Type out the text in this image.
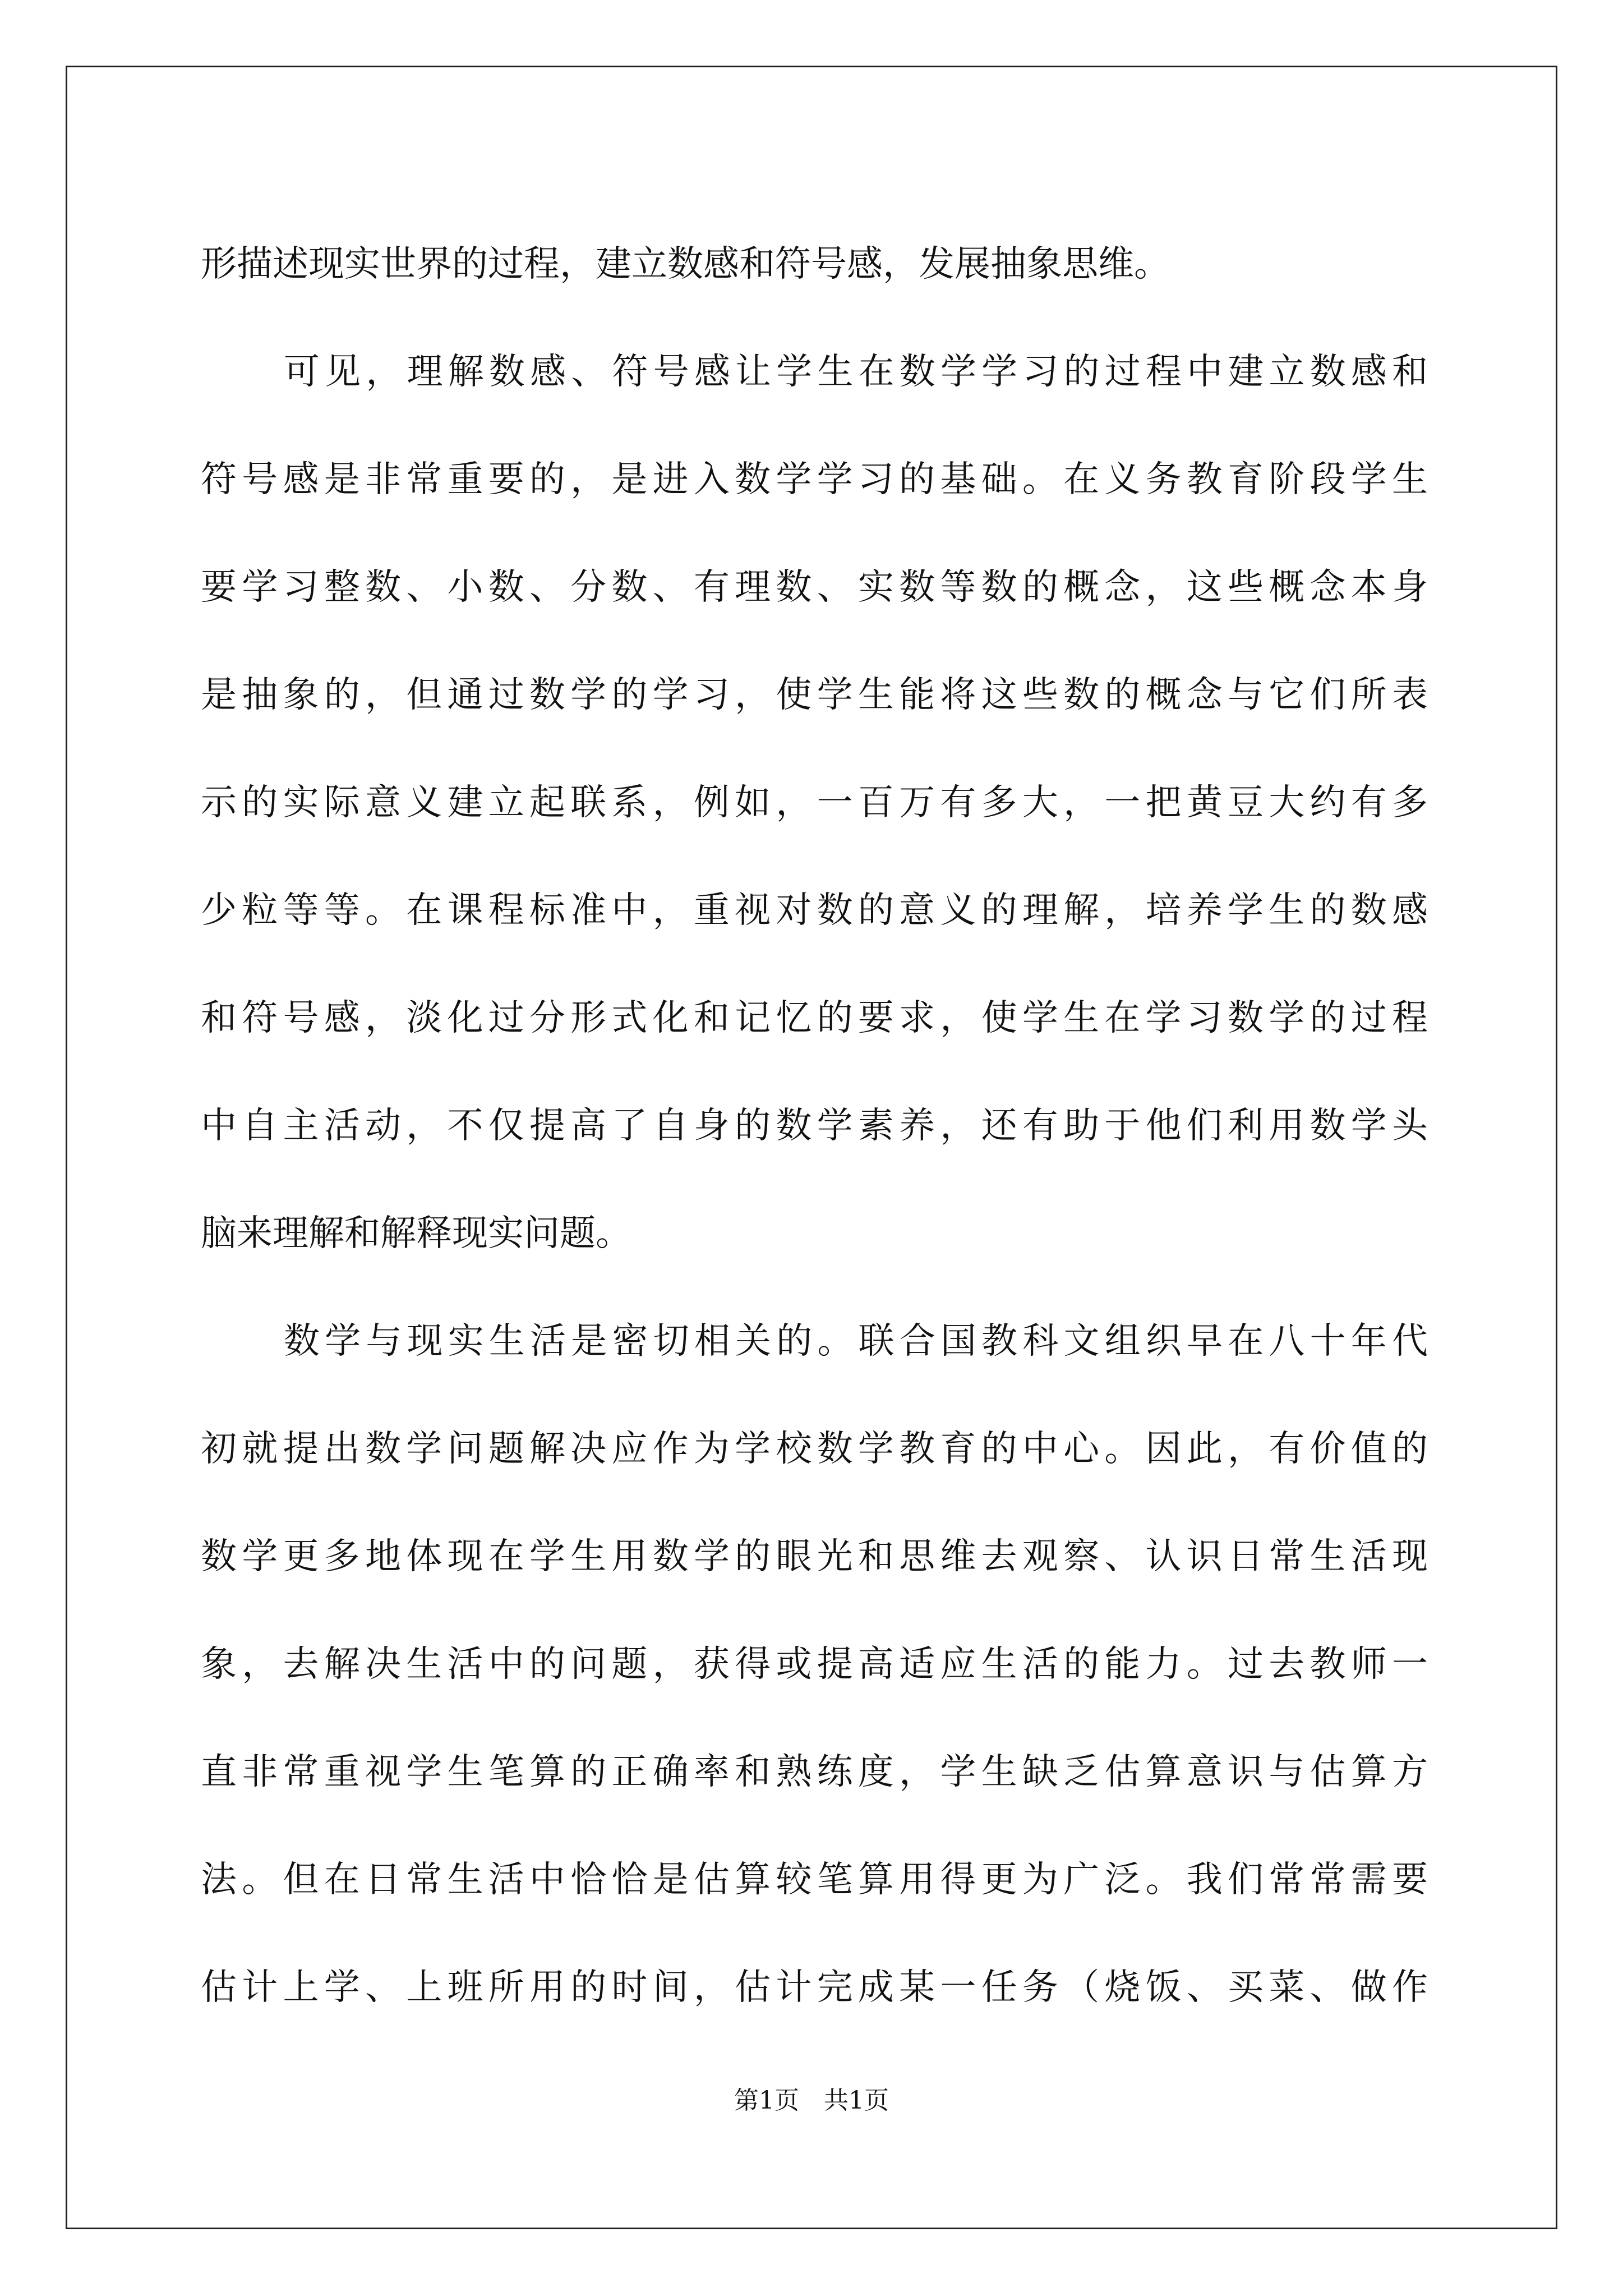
形描述现实世界的过程，建立数感和符号感，发展抽象思维。
可见，理解数感、符号感让学生在数学学习的过程中建立数感和
符号感是非常重要的，是进入数学学习的基础。在义务教育阶段学生
要学习整数、小数、分数、有理数、实数等数的概念，这些概念本身
是抽象的，但通过数学的学习，使学生能将这些数的概念与它们所表
示的实际意义建立起联系，例如，一百万有多大，一把黄豆大约有多
少粒等等。在课程标准中，重视对数的意义的理解，培养学生的数感
和符号感，淡化过分形式化和记忆的要求，使学生在学习数学的过程
中自主活动，不仅提高了自身的数学素养，还有助于他们利用数学头
脑来理解和解释现实问题。
数学与现实生活是密切相关的。联合国教科文组织早在八十年代
初就提出数学问题解决应作为学校数学教育的中心。因此，有价值的
数学更多地体现在学生用数学的眼光和思维去观察、认识日常生活现
象，去解决生活中的问题，获得或提高适应生活的能力。过去教师一
直非常重视学生笔算的正确率和熟练度，学生缺乏估算意识与估算方
法。但在日常生活中恰恰是估算较笔算用得更为广泛。我们常常需要
估计上学、上班所用的时间，估计完成某一任务（烧饭、买菜、做作
第1页　共1页
